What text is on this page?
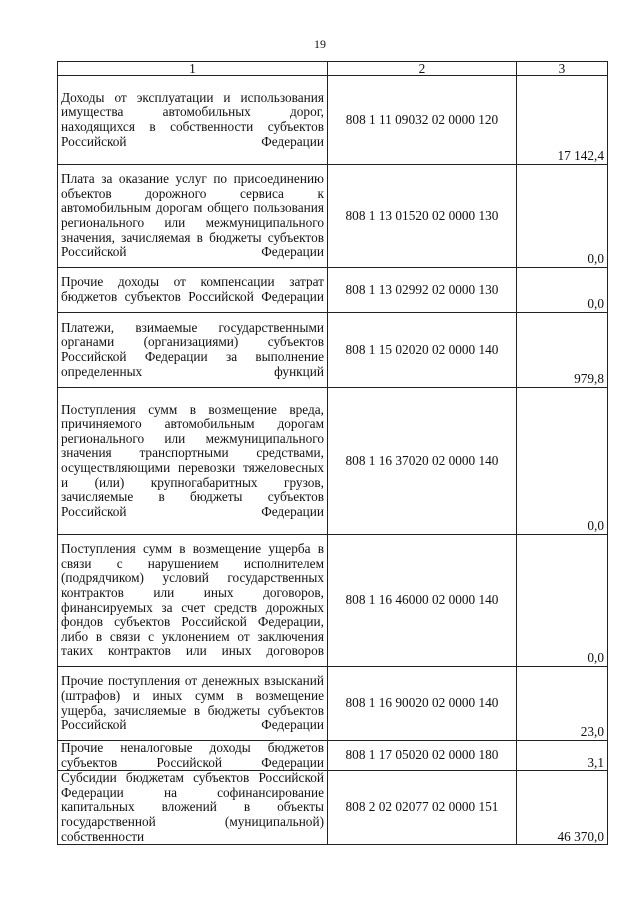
19
1	2	3
Доходы от эксплуатации и использования имущества автомобильных дорог, находящихся в собственности субъектов Российской Федерации	808 1 11 09032 02 0000 120	17 142,4
Плата за оказание услуг по присоединению объектов дорожного сервиса к автомобильным дорогам общего пользования регионального или межмуниципального значения, зачисляемая в бюджеты субъектов Российской Федерации	808 1 13 01520 02 0000 130	0,0
Прочие доходы от компенсации затрат бюджетов субъектов Российской Федерации	808 1 13 02992 02 0000 130	0,0
Платежи, взимаемые государственными органами (организациями) субъектов Российской Федерации за выполнение определенных функций	808 1 15 02020 02 0000 140	979,8
Поступления сумм в возмещение вреда, причиняемого автомобильным дорогам регионального или межмуниципального значения транспортными средствами, осуществляющими перевозки тяжеловесных и (или) крупногабаритных грузов, зачисляемые в бюджеты субъектов Российской Федерации	808 1 16 37020 02 0000 140	0,0
Поступления сумм в возмещение ущерба в связи с нарушением исполнителем (подрядчиком) условий государственных контрактов или иных договоров, финансируемых за счет средств дорожных фондов субъектов Российской Федерации, либо в связи с уклонением от заключения таких контрактов или иных договоров	808 1 16 46000 02 0000 140	0,0
Прочие поступления от денежных взысканий (штрафов) и иных сумм в возмещение ущерба, зачисляемые в бюджеты субъектов Российской Федерации	808 1 16 90020 02 0000 140	23,0
Прочие неналоговые доходы бюджетов субъектов Российской Федерации	808 1 17 05020 02 0000 180	3,1
Субсидии бюджетам субъектов Российской Федерации на софинансирование капитальных вложений в объекты государственной (муниципальной) собственности	808 2 02 02077 02 0000 151	46 370,0
